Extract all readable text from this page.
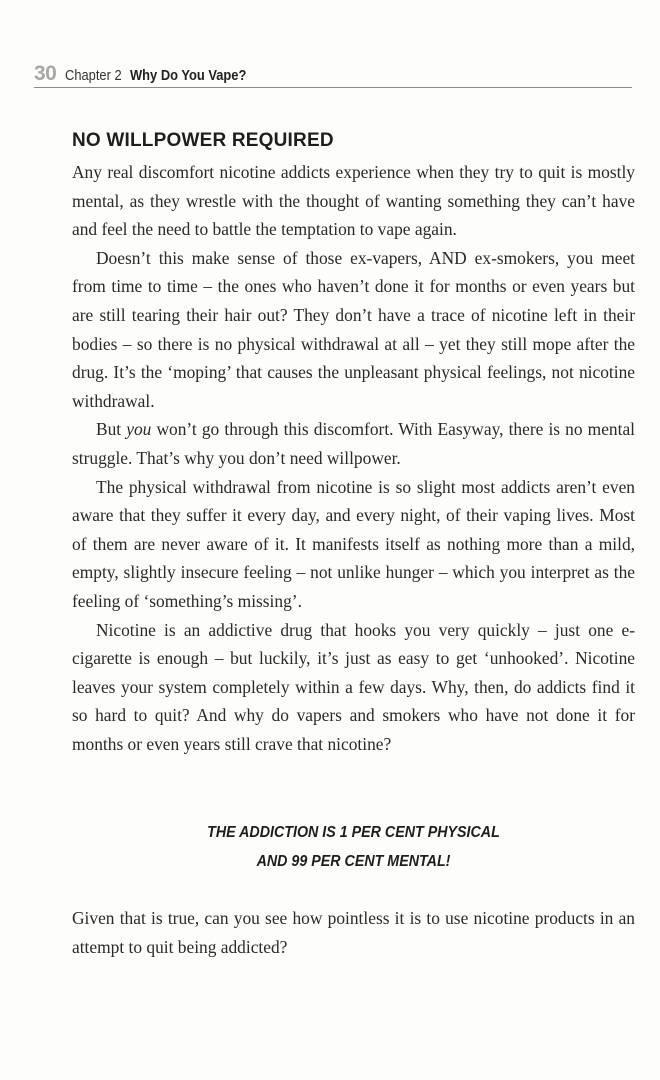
30 Chapter 2 Why Do You Vape?
NO WILLPOWER REQUIRED

Any real discomfort nicotine addicts experience when they try to quit is mostly mental, as they wrestle with the thought of wanting something they can’t have and feel the need to battle the temptation to vape again.

Doesn’t this make sense of those ex-vapers, AND ex-smokers, you meet from time to time – the ones who haven’t done it for months or even years but are still tearing their hair out? They don’t have a trace of nicotine left in their bodies – so there is no physical withdrawal at all – yet they still mope after the drug. It’s the ‘moping’ that causes the unpleasant physical feelings, not nicotine withdrawal.

But you won’t go through this discomfort. With Easyway, there is no mental struggle. That’s why you don’t need willpower.

The physical withdrawal from nicotine is so slight most addicts aren’t even aware that they suffer it every day, and every night, of their vaping lives. Most of them are never aware of it. It manifests itself as nothing more than a mild, empty, slightly insecure feeling – not unlike hunger – which you interpret as the feeling of ‘something’s missing’.

Nicotine is an addictive drug that hooks you very quickly – just one e-cigarette is enough – but luckily, it’s just as easy to get ‘unhooked’. Nicotine leaves your system completely within a few days. Why, then, do addicts find it so hard to quit? And why do vapers and smokers who have not done it for months or even years still crave that nicotine?

THE ADDICTION IS 1 PER CENT PHYSICAL
AND 99 PER CENT MENTAL!

Given that is true, can you see how pointless it is to use nicotine products in an attempt to quit being addicted?
